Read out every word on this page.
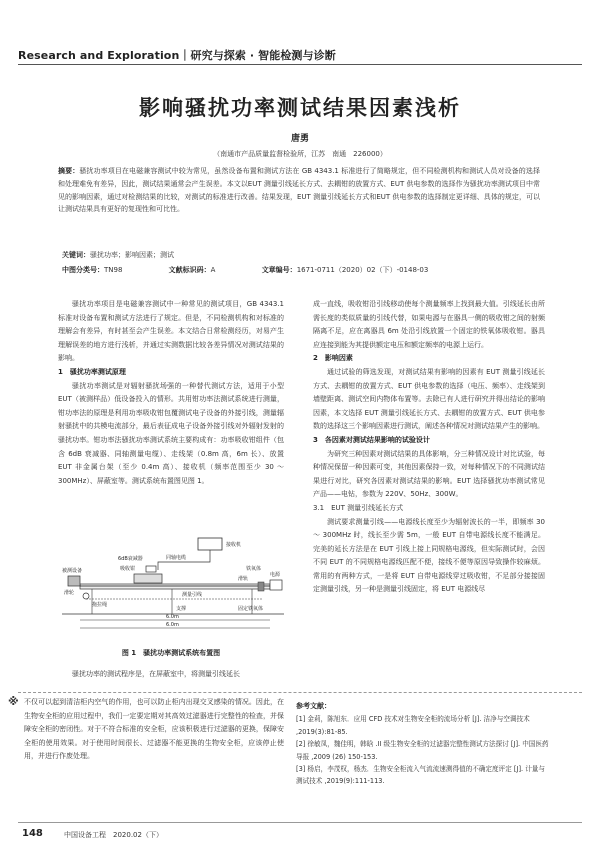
Research and Exploration｜研究与探索 · 智能检测与诊断
影响骚扰功率测试结果因素浅析
唐勇
（南通市产品质量监督检验所，江苏　南通　226000）
摘要：骚扰功率项目在电磁兼容测试中较为常见，虽然设备布置和测试方法在 GB 4343.1 标准进行了简略规定，但不同检测机构和测试人员对设备的选择和处理难免有差异，因此，测试结果通常会产生误差。本文以EUT 测量引线延长方式、去耦钳的放置方式、EUT 供电参数的选择作为骚扰功率测试项目中常见的影响因素，通过对检测结果的比较，对测试的标准进行改善。结果发现，EUT 测量引线延长方式和EUT 供电参数的选择制定更详细、具体的规定，可以让测试结果具有更好的复现性和可比性。
关键词：骚扰功率；影响因素；测试
中图分类号：TN98	文献标识码：A	文章编号：1671-0711（2020）02（下）-0148-03

骚扰功率项目是电磁兼容测试中一种常见的测试项目，GB 4343.1 标准对设备布置和测试方法进行了规定。但是，不同检测机构和对标准的理解会有差异，有时甚至会产生误差。本文结合日常检测经历，对易产生理解误差的地方进行浅析，并通过实测数据比较各差异情况对测试结果的影响。

1　骚扰功率测试原理

骚扰功率测试是对辐射骚扰场强的一种替代测试方法，适用于小型 EUT（被测样品）低设备投入的情形。共用钳功率法测试系统进行测量，钳功率法的原理是利用功率吸收钳包覆测试电子设备的外接引线，测量辐射骚扰中的共模电流部分，最后表征成电子设备外接引线对外辐射发射的骚扰功率。钳功率法骚扰功率测试系统主要构成有：功率吸收钳组件（包含 6dB 衰减器、同轴测量电缆）、走线架（0.8m 高，6m 长）、放置 EUT 非金属台架（至少 0.4m 高）、接收机（频率范围至少 30 ～ 300MHz）、屏蔽室等。测试系统布置图见图 1。

接收机
同轴电缆
6dB衰减器
吸收钳
滑轨
被测设备
滑轮
拖拉绳
测量引线
铁氧体
固定铁氧体
电源
支撑
6.0m
6.0m
图 1　骚扰功率测试系统布置图

骚扰功率的测试程序是，在屏蔽室中，将测量引线延长

成一直线，吸收钳沿引线移动使每个测量频率上找到最大值。引线延长由所需长度的类似质量的引线代替，如果电源与在器具一侧的吸收钳之间的射频隔离不足，应在离器具 6m 处沿引线放置一个固定的铁氧体吸收钳。器具应连接到能为其提供额定电压和额定频率的电源上运行。

2　影响因素

通过试验的筛选发现，对测试结果有影响的因素有 EUT 测量引线延长方式、去耦钳的放置方式、EUT 供电参数的选择（电压、频率）、走线架到墙壁距离、测试空间内物体布置等。去除已有人进行研究并得出结论的影响因素，本文选择 EUT 测量引线延长方式、去耦钳的放置方式、EUT 供电参数的选择这三个影响因素进行测试，阐述各种情况对测试结果产生的影响。

3　各因素对测试结果影响的试验设计

为研究三种因素对测试结果的具体影响，分三种情况设计对比试验，每种情况保留一种因素可变，其他因素保持一致，对每种情况下的不同测试结果进行对比，研究各因素对测试结果的影响。EUT 选择骚扰功率测试常见产品——电钻，参数为 220V、50Hz、300W。

3.1　EUT 测量引线延长方式

测试要求测量引线——电源线长度至少为辐射波长的一半，即频率 30 ～ 300MHz 时，线长至少需 5m，一般 EUT 自带电源线长度不能满足。完美的延长方法是在 EUT 引线上接上同规格电源线，但实际测试时，会因不同 EUT 的不同规格电源线匹配不便，接线不便等原因导致操作较麻烦。常用的有两种方式，一是将 EUT 自带电源线穿过吸收钳，不足部分接接固定测量引线，另一种是测量引线固定，将 EUT 电源线尽

※ 不仅可以起到清洁柜内空气的作用，也可以防止柜内出现交叉感染的情况。因此，在生物安全柜的应用过程中，我们一定要定期对其高效过滤器进行完整性的检查，并保障安全柜的密闭性。对于不符合标准的安全柜，应该积极进行过滤器的更换，保障安全柜的使用效果。对于使用时间很长、过滤器不能更换的生物安全柜，应该停止使用，并进行作废处理。
参考文献：
[1] 金莉，陈旭东．应用 CFD 技术对生物安全柜的流场分析 [J]. 洁净与空调技术 ,2019(3):81-85.
[2] 徐敏凤，魏佳明，韩晗 .II 级生物安全柜的过滤器完整性测试方法探讨 [J]. 中国医药导报 ,2009 (26) 150-153.
[3] 杨启，李茂权，杨杰．生物安全柜流入气流流速测得值的不确定度评定 [J]. 计量与测试技术 ,2019(9):111-113.
148	中国设备工程　2020.02（下）
